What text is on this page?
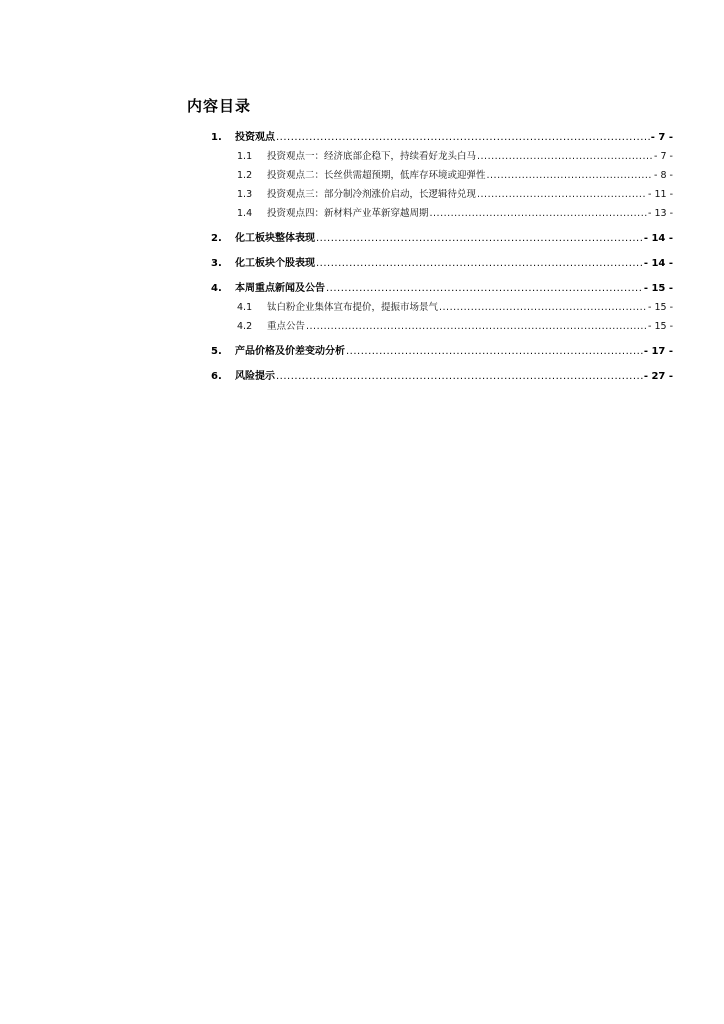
内容目录
1.	投资观点 .....	- 7 -
1.1	投资观点一：经济底部企稳下，持续看好龙头白马 .....	- 7 -
1.2	投资观点二：长丝供需超预期，低库存环境或迎弹性 .....	- 8 -
1.3	投资观点三：部分制冷剂涨价启动，长逻辑待兑现 .....	- 11 -
1.4	投资观点四：新材料产业革新穿越周期 .....	- 13 -
2.	化工板块整体表现 .....	- 14 -
3.	化工板块个股表现 .....	- 14 -
4.	本周重点新闻及公告 .....	- 15 -
4.1	钛白粉企业集体宣布提价，提振市场景气 .....	- 15 -
4.2	重点公告 .....	- 15 -
5.	产品价格及价差变动分析 .....	- 17 -
6.	风险提示 .....	- 27 -
